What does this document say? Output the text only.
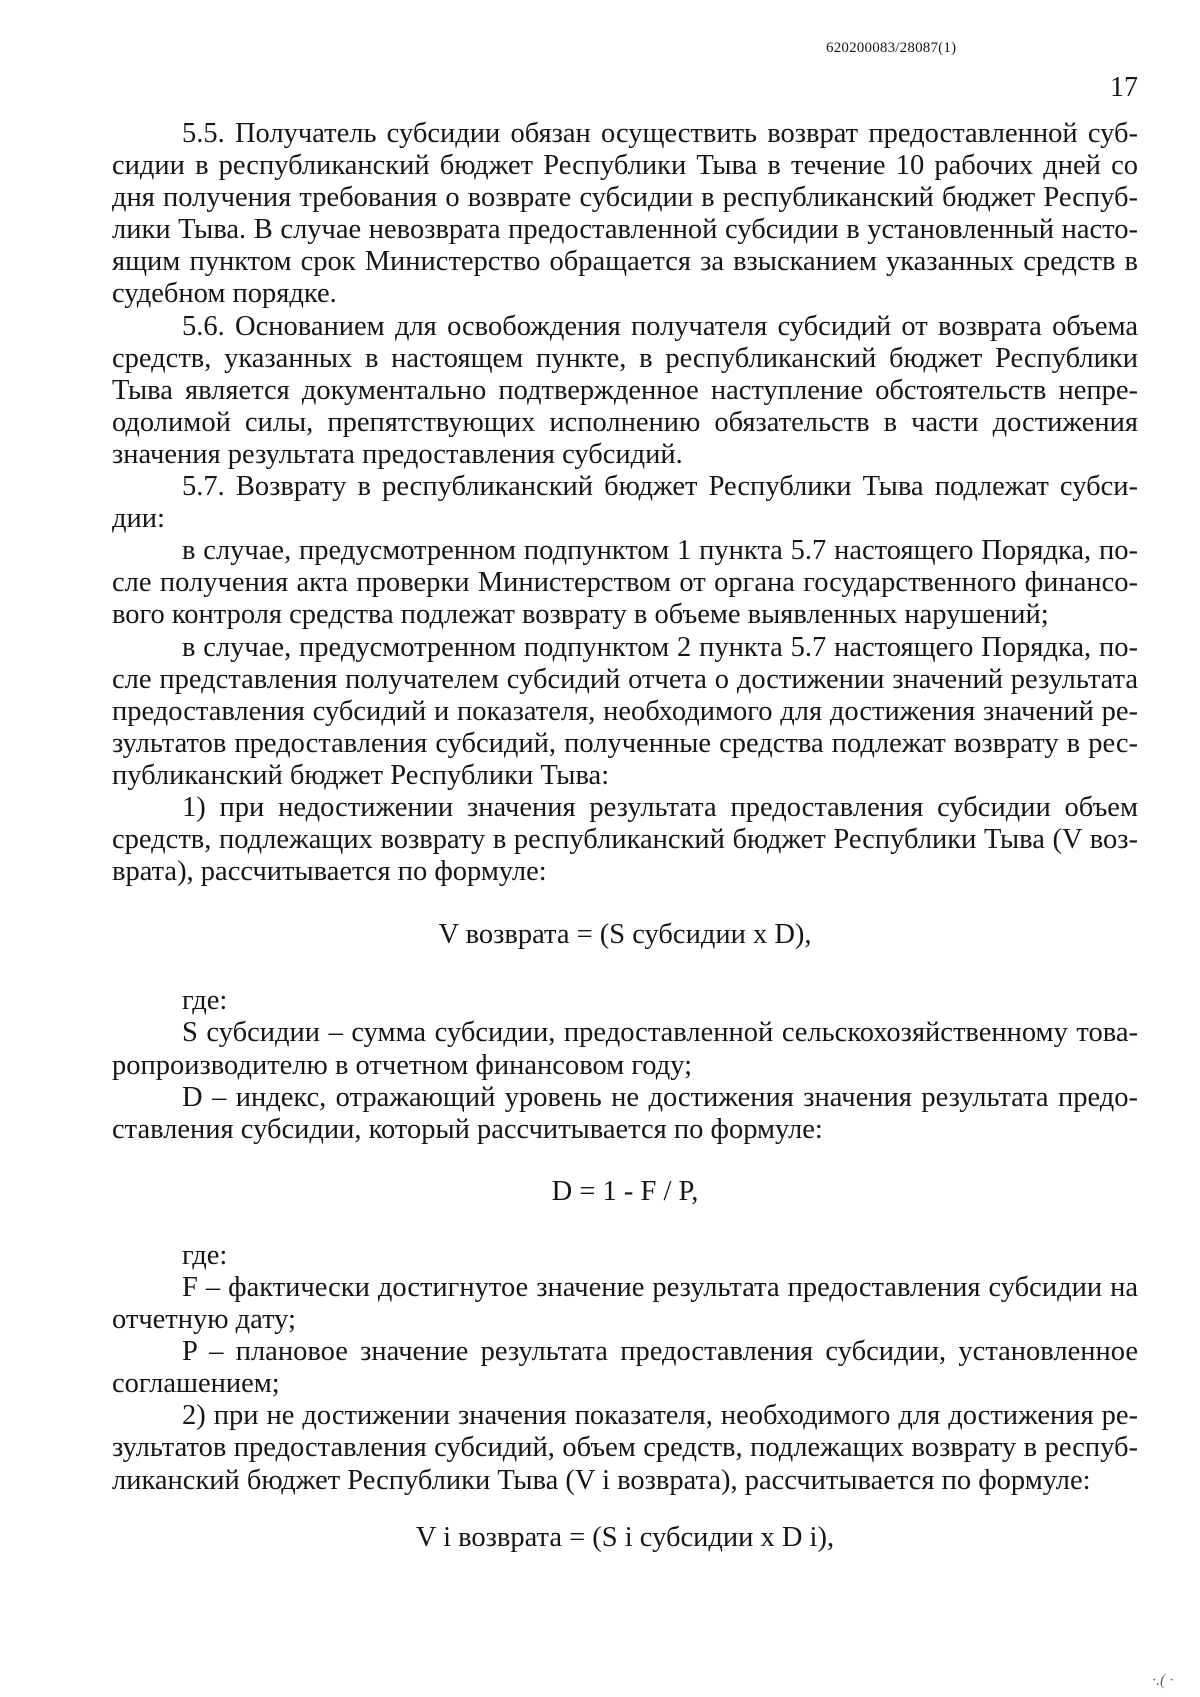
620200083/28087(1)
17

5.5. Получатель субсидии обязан осуществить возврат предоставленной субсидии в республиканский бюджет Республики Тыва в течение 10 рабочих дней со дня получения требования о возврате субсидии в республиканский бюджет Республики Тыва. В случае невозврата предоставленной субсидии в установленный настоящим пунктом срок Министерство обращается за взысканием указанных средств в судебном порядке.

5.6. Основанием для освобождения получателя субсидий от возврата объема средств, указанных в настоящем пункте, в республиканский бюджет Республики Тыва является документально подтвержденное наступление обстоятельств непреодолимой силы, препятствующих исполнению обязательств в части достижения значения результата предоставления субсидий.

5.7. Возврату в республиканский бюджет Республики Тыва подлежат субсидии:

в случае, предусмотренном подпунктом 1 пункта 5.7 настоящего Порядка, после получения акта проверки Министерством от органа государственного финансового контроля средства подлежат возврату в объеме выявленных нарушений;

в случае, предусмотренном подпунктом 2 пункта 5.7 настоящего Порядка, после представления получателем субсидий отчета о достижении значений результата предоставления субсидий и показателя, необходимого для достижения значений результатов предоставления субсидий, полученные средства подлежат возврату в республиканский бюджет Республики Тыва:

1) при недостижении значения результата предоставления субсидии объем средств, подлежащих возврату в республиканский бюджет Республики Тыва (V возврата), рассчитывается по формуле:

V возврата = (S субсидии x D),

где:

S субсидии – сумма субсидии, предоставленной сельскохозяйственному товаропроизводителю в отчетном финансовом году;

D – индекс, отражающий уровень не достижения значения результата предоставления субсидии, который рассчитывается по формуле:

D = 1 - F / P,

где:

F – фактически достигнутое значение результата предоставления субсидии на отчетную дату;

P – плановое значение результата предоставления субсидии, установленное соглашением;

2) при не достижении значения показателя, необходимого для достижения результатов предоставления субсидий, объем средств, подлежащих возврату в республиканский бюджет Республики Тыва (V i возврата), рассчитывается по формуле:

V i возврата = (S i субсидии x D i),

·.( ·
